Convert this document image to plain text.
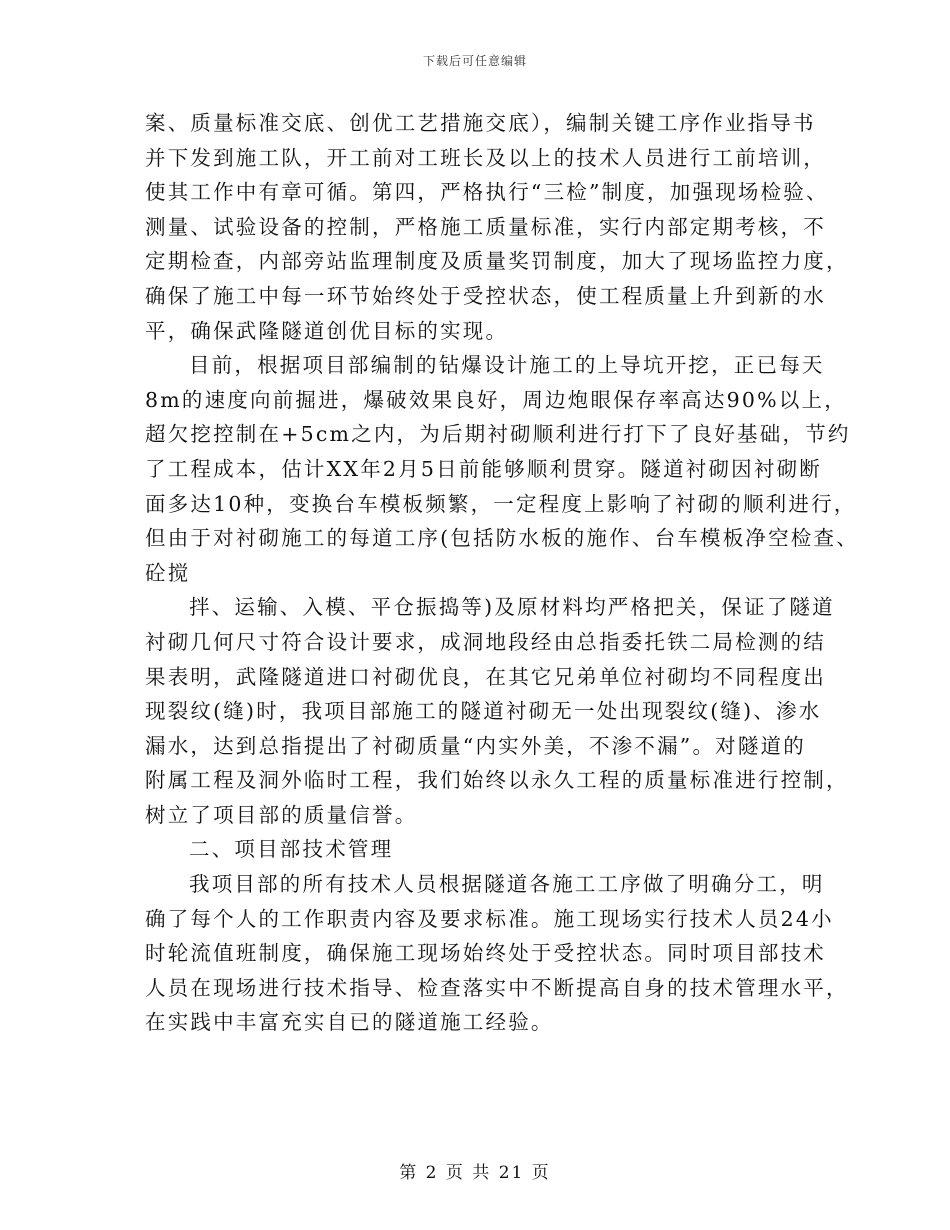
下载后可任意编辑
案、质量标准交底、创优工艺措施交底），编制关键工序作业指导书
并下发到施工队，开工前对工班长及以上的技术人员进行工前培训，
使其工作中有章可循。第四，严格执行“三检”制度，加强现场检验、
测量、试验设备的控制，严格施工质量标准，实行内部定期考核，不
定期检查，内部旁站监理制度及质量奖罚制度，加大了现场监控力度，
确保了施工中每一环节始终处于受控状态，使工程质量上升到新的水
平，确保武隆隧道创优目标的实现。
目前，根据项目部编制的钻爆设计施工的上导坑开挖，正已每天
8m的速度向前掘进，爆破效果良好，周边炮眼保存率高达90%以上，
超欠挖控制在+5cm之内，为后期衬砌顺利进行打下了良好基础，节约
了工程成本，估计XX年2月5日前能够顺利贯穿。隧道衬砌因衬砌断
面多达10种，变换台车模板频繁，一定程度上影响了衬砌的顺利进行，
但由于对衬砌施工的每道工序(包括防水板的施作、台车模板净空检查、
砼搅
拌、运输、入模、平仓振捣等)及原材料均严格把关，保证了隧道
衬砌几何尺寸符合设计要求，成洞地段经由总指委托铁二局检测的结
果表明，武隆隧道进口衬砌优良，在其它兄弟单位衬砌均不同程度出
现裂纹(缝)时，我项目部施工的隧道衬砌无一处出现裂纹(缝)、渗水
漏水，达到总指提出了衬砌质量“内实外美，不渗不漏”。对隧道的
附属工程及洞外临时工程，我们始终以永久工程的质量标准进行控制，
树立了项目部的质量信誉。
二、项目部技术管理
我项目部的所有技术人员根据隧道各施工工序做了明确分工，明
确了每个人的工作职责内容及要求标准。施工现场实行技术人员24小
时轮流值班制度，确保施工现场始终处于受控状态。同时项目部技术
人员在现场进行技术指导、检查落实中不断提高自身的技术管理水平，
在实践中丰富充实自已的隧道施工经验。
第 2 页 共 21 页
